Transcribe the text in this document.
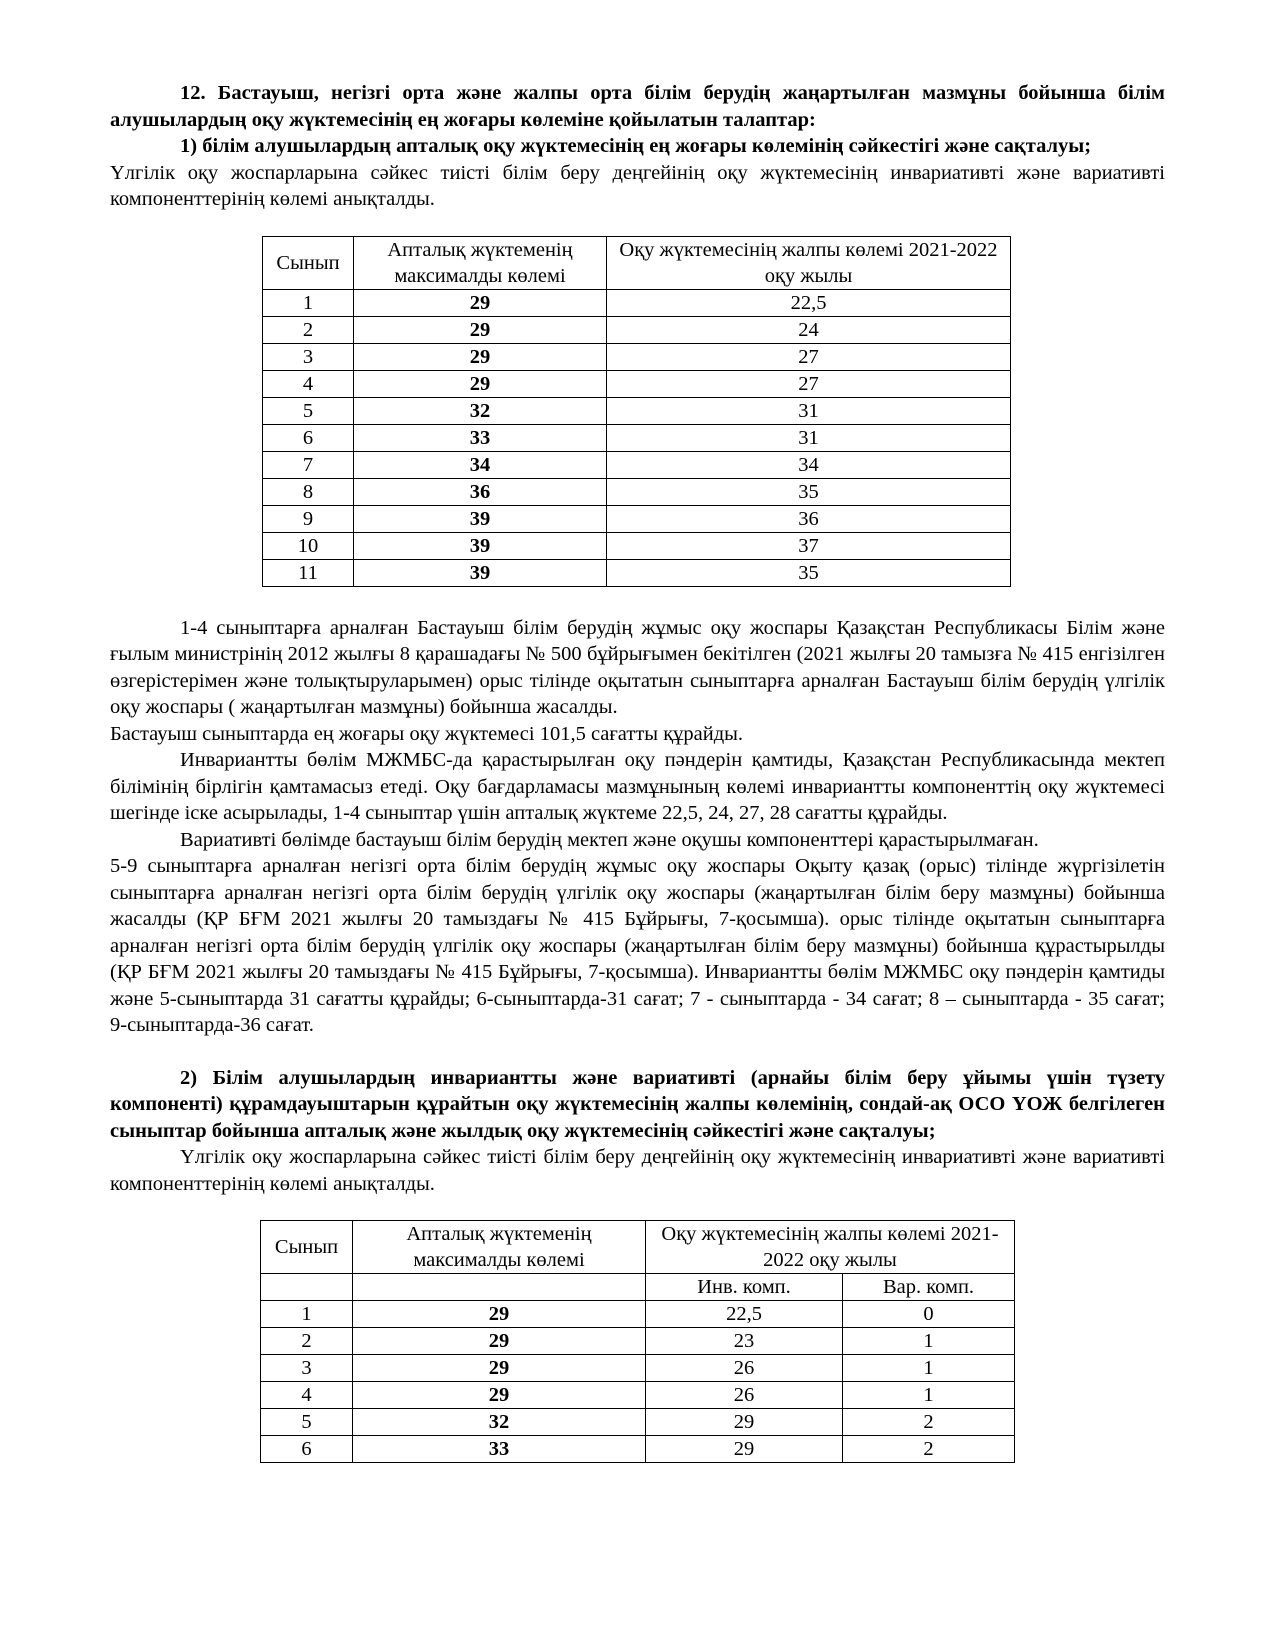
12. Бастауыш, негізгі орта және жалпы орта білім берудің жаңартылған мазмұны бойынша білім алушылардың оқу жүктемесінің ең жоғары көлеміне қойылатын талаптар:

1) білім алушылардың апталық оқу жүктемесінің ең жоғары көлемінің сәйкестігі және сақталуы;

Үлгілік оқу жоспарларына сәйкес тиісті білім беру деңгейінің оқу жүктемесінің инвариативті және вариативті компоненттерінің көлемі анықталды.

Сынып	Апталық жүктеменің максималды көлемі	Оқу жүктемесінің жалпы көлемі 2021-2022 оқу жылы
1	29	22,5
2	29	24
3	29	27
4	29	27
5	32	31
6	33	31
7	34	34
8	36	35
9	39	36
10	39	37
11	39	35

1-4 сыныптарға арналған Бастауыш білім берудің жұмыс оқу жоспары Қазақстан Республикасы Білім және ғылым министрінің 2012 жылғы 8 қарашадағы № 500 бұйрығымен бекітілген (2021 жылғы 20 тамызға № 415 енгізілген өзгерістерімен және толықтыруларымен) орыс тілінде оқытатын сыныптарға арналған Бастауыш білім берудің үлгілік оқу жоспары ( жаңартылған мазмұны) бойынша жасалды.

Бастауыш сыныптарда ең жоғары оқу жүктемесі 101,5 сағатты құрайды.

Инвариантты бөлім МЖМБС-да қарастырылған оқу пәндерін қамтиды, Қазақстан Республикасында мектеп білімінің бірлігін қамтамасыз етеді. Оқу бағдарламасы мазмұнының көлемі инвариантты компоненттің оқу жүктемесі шегінде іске асырылады, 1-4 сыныптар үшін апталық жүктеме 22,5, 24, 27, 28 сағатты құрайды.

Вариативті бөлімде бастауыш білім берудің мектеп және оқушы компоненттері қарастырылмаған.

5-9 сыныптарға арналған негізгі орта білім берудің жұмыс оқу жоспары Оқыту қазақ (орыс) тілінде жүргізілетін сыныптарға арналған негізгі орта білім берудің үлгілік оқу жоспары (жаңартылған білім беру мазмұны) бойынша жасалды (ҚР БҒМ 2021 жылғы 20 тамыздағы № 415 Бұйрығы, 7-қосымша). орыс тілінде оқытатын сыныптарға арналған негізгі орта білім берудің үлгілік оқу жоспары (жаңартылған білім беру мазмұны) бойынша құрастырылды (ҚР БҒМ 2021 жылғы 20 тамыздағы № 415 Бұйрығы, 7-қосымша). Инвариантты бөлім МЖМБС оқу пәндерін қамтиды және 5-сыныптарда 31 сағатты құрайды; 6-сыныптарда-31 сағат; 7 - сыныптарда - 34 сағат; 8 – сыныптарда - 35 сағат; 9-сыныптарда-36 сағат.

2) Білім алушылардың инвариантты және вариативті (арнайы білім беру ұйымы үшін түзету компоненті) құрамдауыштарын құрайтын оқу жүктемесінің жалпы көлемінің, сондай-ақ ОСО ҮОЖ белгілеген сыныптар бойынша апталық және жылдық оқу жүктемесінің сәйкестігі және сақталуы;

Үлгілік оқу жоспарларына сәйкес тиісті білім беру деңгейінің оқу жүктемесінің инвариативті және вариативті компоненттерінің көлемі анықталды.

Сынып	Апталық жүктеменің максималды көлемі	Оқу жүктемесінің жалпы көлемі 2021-2022 оқу жылы	
		Инв. комп.	Вар. комп.
1	29	22,5	0
2	29	23	1
3	29	26	1
4	29	26	1
5	32	29	2
6	33	29	2
